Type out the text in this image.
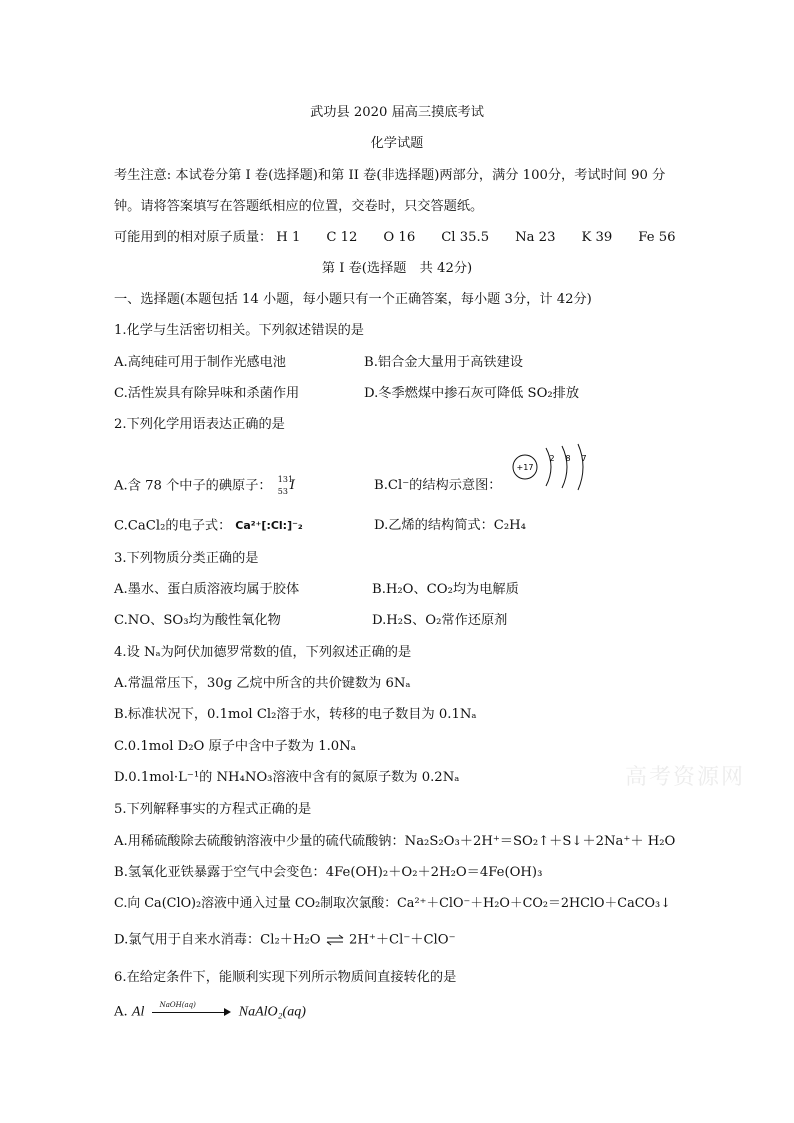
武功县 2020 届高三摸底考试
化学试题
考生注意: 本试卷分第 I 卷(选择题)和第 II 卷(非选择题)两部分，满分 100分，考试时间 90 分
钟。请将答案填写在答题纸相应的位置，交卷时，只交答题纸。
可能用到的相对原子质量： H 1 C 12 O 16 Cl 35.5 Na 23 K 39 Fe 56
第 I 卷(选择题　共 42分)
一、选择题(本题包括 14 小题，每小题只有一个正确答案，每小题 3分，计 42分)
1.化学与生活密切相关。下列叙述错误的是
A.高纯硅可用于制作光感电池	B.铝合金大量用于高铁建设
C.活性炭具有除异味和杀菌作用	D.冬季燃煤中掺石灰可降低 SO₂排放
2.下列化学用语表达正确的是
A.含 78 个中子的碘原子： 131
53 I	B.Cl⁻的结构示意图：
+17
2 8 7
C.CaCl₂的电子式： Ca²⁺[:Cl:]⁻₂	D.乙烯的结构简式：C₂H₄
3.下列物质分类正确的是
A.墨水、蛋白质溶液均属于胶体	B.H₂O、CO₂均为电解质
C.NO、SO₃均为酸性氧化物	D.H₂S、O₂常作还原剂
4.设 Nₐ为阿伏加德罗常数的值，下列叙述正确的是
A.常温常压下，30g 乙烷中所含的共价键数为 6Nₐ
B.标准状况下，0.1mol Cl₂溶于水，转移的电子数目为 0.1Nₐ
C.0.1mol D₂O 原子中含中子数为 1.0Nₐ
D.0.1mol·L⁻¹的 NH₄NO₃溶液中含有的氮原子数为 0.2Nₐ	高考资源网
5.下列解释事实的方程式正确的是
A.用稀硫酸除去硫酸钠溶液中少量的硫代硫酸钠：Na₂S₂O₃＋2H⁺＝SO₂↑＋S↓＋2Na⁺＋ H₂O
B.氢氧化亚铁暴露于空气中会变色：4Fe(OH)₂＋O₂＋2H₂O＝4Fe(OH)₃
C.向 Ca(ClO)₂溶液中通入过量 CO₂制取次氯酸：Ca²⁺＋ClO⁻＋H₂O＋CO₂＝2HClO＋CaCO₃↓
D.氯气用于自来水消毒：Cl₂＋H₂O ⇌ 2H⁺＋Cl⁻＋ClO⁻
6.在给定条件下，能顺利实现下列所示物质间直接转化的是
A. Al NaOH(aq)	NaAlO₂(aq)
